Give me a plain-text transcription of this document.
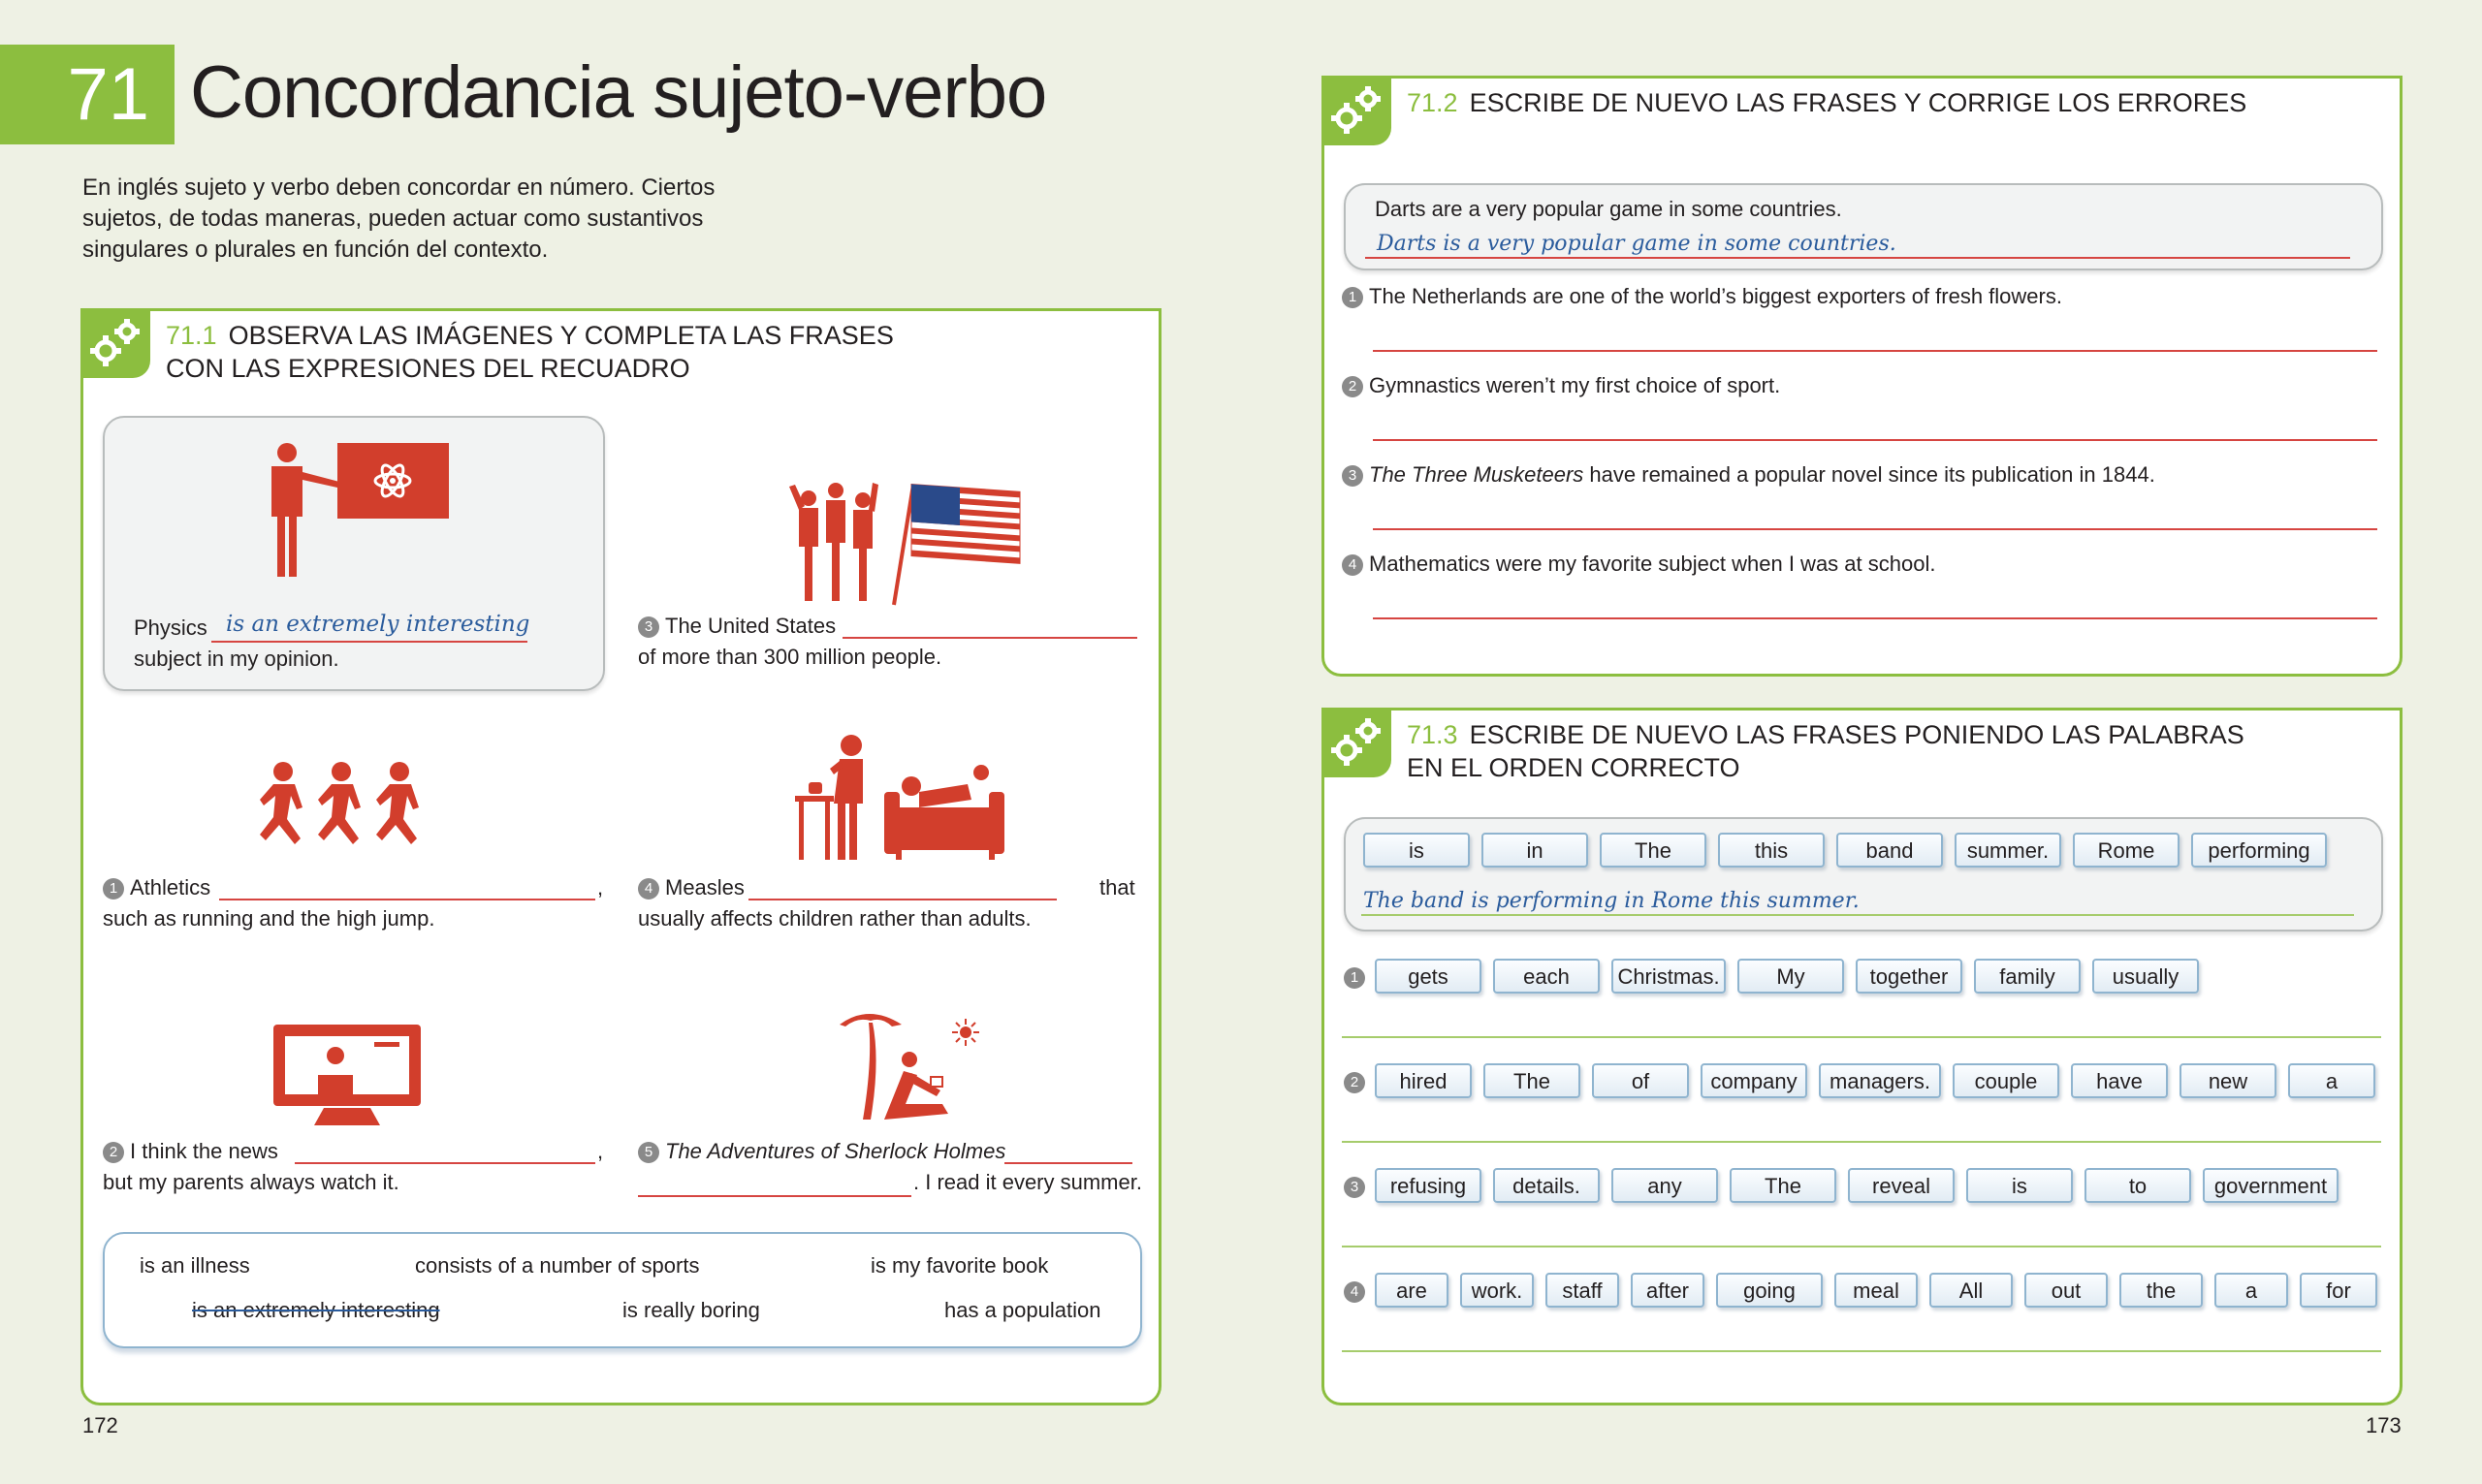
71 Concordancia sujeto-verbo
En inglés sujeto y verbo deben concordar en número. Ciertos sujetos, de todas maneras, pueden actuar como sustantivos singulares o plurales en función del contexto.
71.1 OBSERVA LAS IMÁGENES Y COMPLETA LAS FRASES
CON LAS EXPRESIONES DEL RECUADRO
Physics is an extremely interesting
subject in my opinion.
3 The United States
of more than 300 million people.
1 Athletics	,
such as running and the high jump.
4 Measles	that
usually affects children rather than adults.
2 I think the news	,
but my parents always watch it.
5 The Adventures of Sherlock Holmes
. I read it every summer.
is an illness	consists of a number of sports	is my favorite book
is an extremely interesting	is really boring	has a population
71.2 ESCRIBE DE NUEVO LAS FRASES Y CORRIGE LOS ERRORES
Darts are a very popular game in some countries.
Darts is a very popular game in some countries.
1 The Netherlands are one of the world’s biggest exporters of fresh flowers.
2 Gymnastics weren’t my first choice of sport.
3 The Three Musketeers have remained a popular novel since its publication in 1844.
4 Mathematics were my favorite subject when I was at school.
71.3 ESCRIBE DE NUEVO LAS FRASES PONIENDO LAS PALABRAS
EN EL ORDEN CORRECTO
is	in	The	this	band	summer.	Rome	performing
The band is performing in Rome this summer.
1	gets	each	Christmas.	My	together	family	usually
2	hired	The	of	company	managers.	couple	have	new	a
3	refusing	details.	any	The	reveal	is	to	government
4	are	work.	staff	after	going	meal	All	out	the	a	for
172	173
